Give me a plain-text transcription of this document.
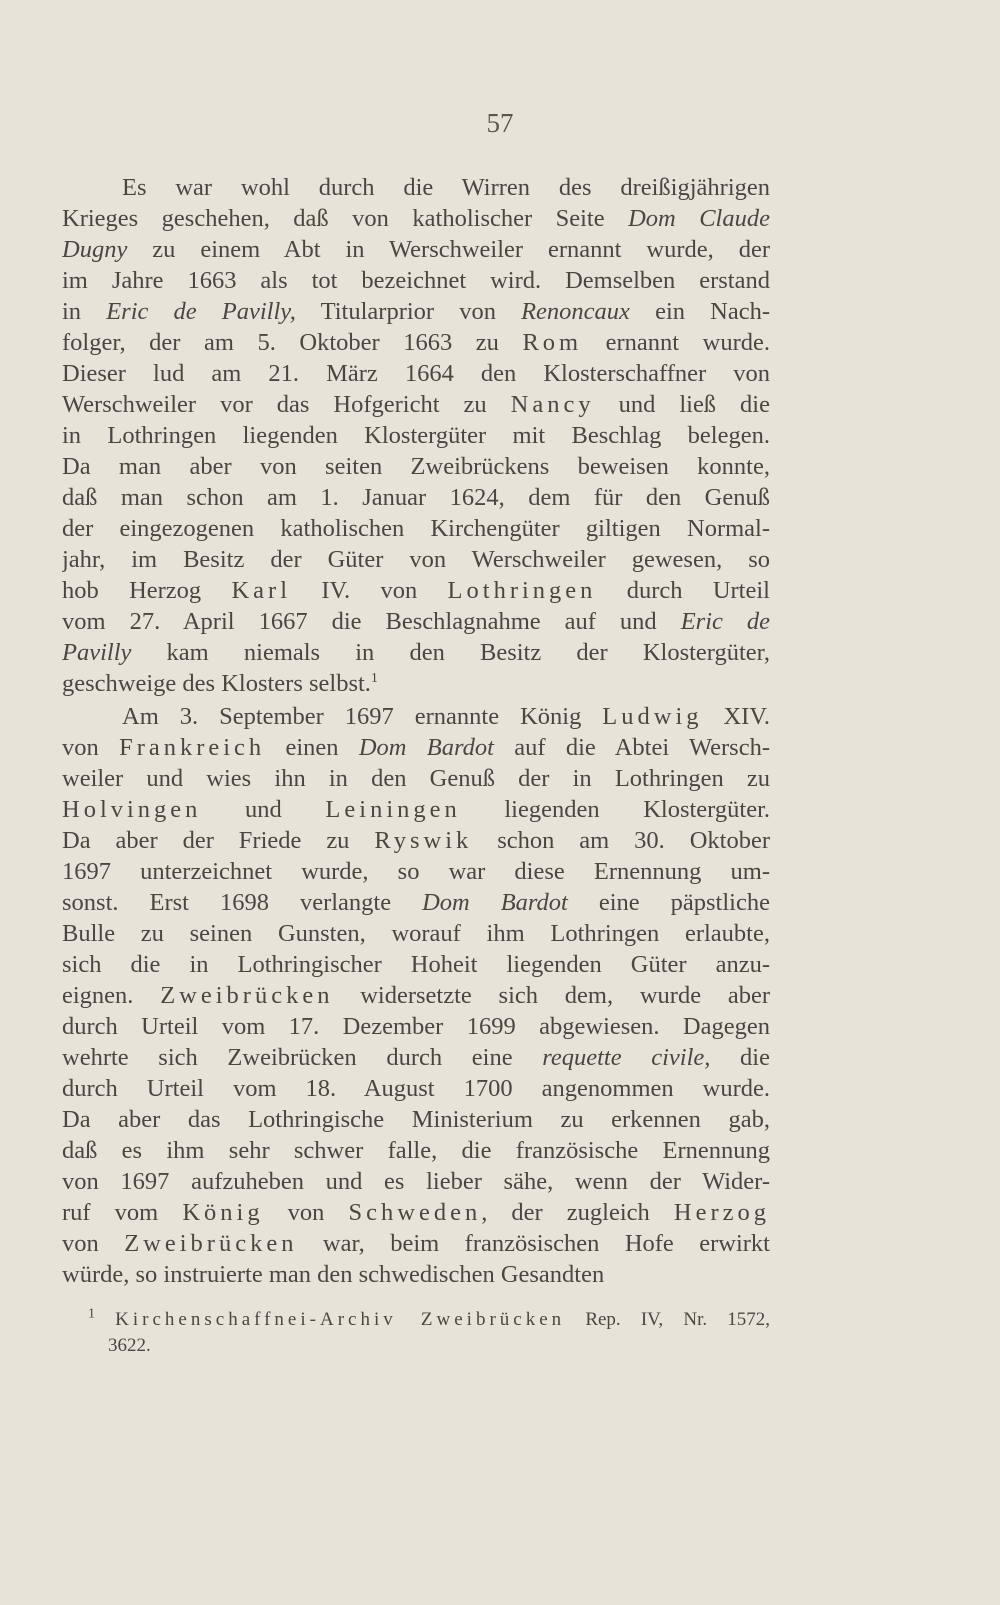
57
Es war wohl durch die Wirren des dreißigjährigen
Krieges geschehen, daß von katholischer Seite Dom Claude
Dugny zu einem Abt in Werschweiler ernannt wurde, der
im Jahre 1663 als tot bezeichnet wird. Demselben erstand
in Eric de Pavilly, Titularprior von Renoncaux ein Nach-
folger, der am 5. Oktober 1663 zu Rom ernannt wurde.
Dieser lud am 21. März 1664 den Klosterschaffner von
Werschweiler vor das Hofgericht zu Nancy und ließ die
in Lothringen liegenden Klostergüter mit Beschlag belegen.
Da man aber von seiten Zweibrückens beweisen konnte,
daß man schon am 1. Januar 1624, dem für den Genuß
der eingezogenen katholischen Kirchengüter giltigen Normal-
jahr, im Besitz der Güter von Werschweiler gewesen, so
hob Herzog Karl IV. von Lothringen durch Urteil
vom 27. April 1667 die Beschlagnahme auf und Eric de
Pavilly kam niemals in den Besitz der Klostergüter,
geschweige des Klosters selbst.$^1$
Am 3. September 1697 ernannte König Ludwig XIV.
von Frankreich einen Dom Bardot auf die Abtei Wersch-
weiler und wies ihn in den Genuß der in Lothringen zu
Holvingen und Leiningen liegenden Klostergüter.
Da aber der Friede zu Ryswik schon am 30. Oktober
1697 unterzeichnet wurde, so war diese Ernennung um-
sonst. Erst 1698 verlangte Dom Bardot eine päpstliche
Bulle zu seinen Gunsten, worauf ihm Lothringen erlaubte,
sich die in Lothringischer Hoheit liegenden Güter anzu-
eignen. Zweibrücken widersetzte sich dem, wurde aber
durch Urteil vom 17. Dezember 1699 abgewiesen. Dagegen
wehrte sich Zweibrücken durch eine requette civile, die
durch Urteil vom 18. August 1700 angenommen wurde.
Da aber das Lothringische Ministerium zu erkennen gab,
daß es ihm sehr schwer falle, die französische Ernennung
von 1697 aufzuheben und es lieber sähe, wenn der Wider-
ruf vom König von Schweden, der zugleich Herzog
von Zweibrücken war, beim französischen Hofe erwirkt
würde, so instruierte man den schwedischen Gesandten
$^1$ Kirchenschaffnei-Archiv Zweibrücken Rep. IV, Nr. 1572,
3622.
